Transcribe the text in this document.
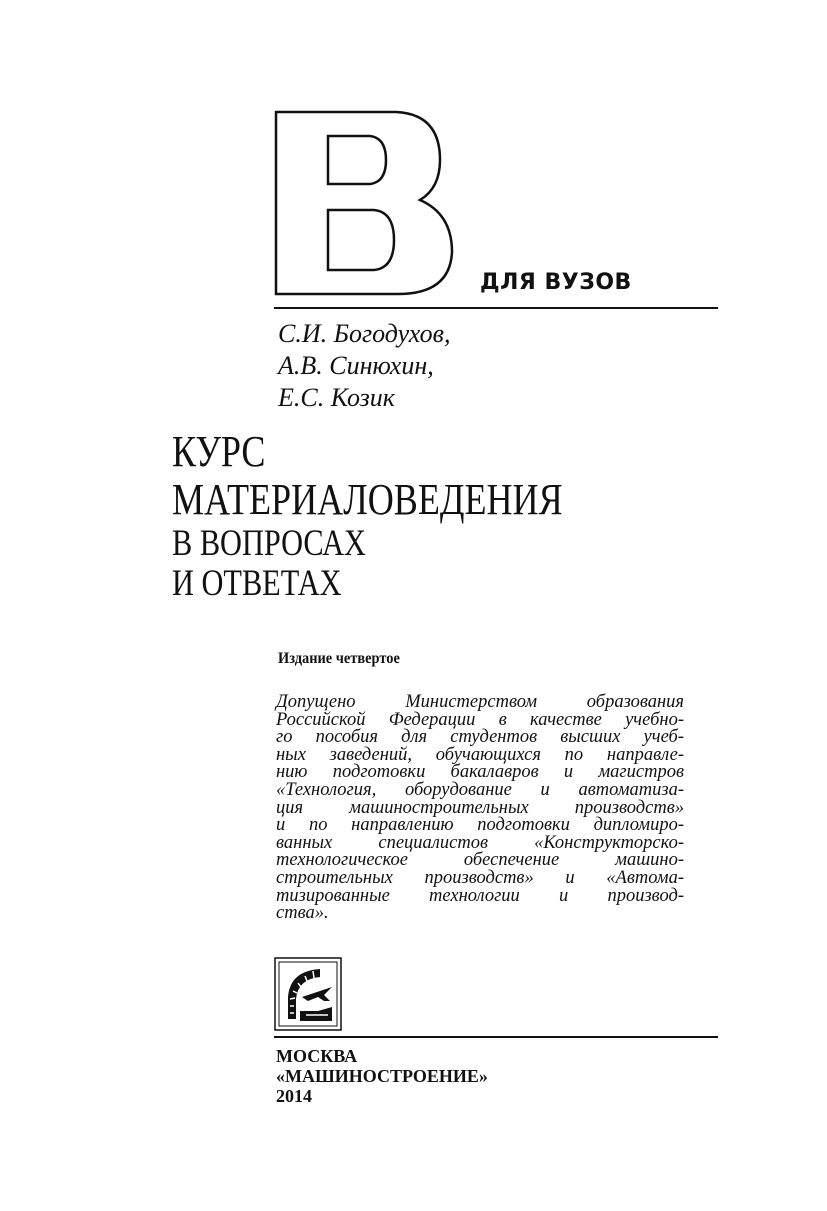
ДЛЯ ВУЗОВ
С.И. Богодухов,
А.В. Синюхин,
Е.С. Козик
КУРС
МАТЕРИАЛОВЕДЕНИЯ
В ВОПРОСАХ
И ОТВЕТАХ
Издание четвертое
Допущено Министерством образования
Российской Федерации в качестве учебно-
го пособия для студентов высших учеб-
ных заведений, обучающихся по направле-
нию подготовки бакалавров и магистров
«Технология, оборудование и автоматиза-
ция машиностроительных производств»
и по направлению подготовки дипломиро-
ванных специалистов «Конструкторско-
технологическое обеспечение машино-
строительных производств» и «Автома-
тизированные технологии и производ-
ства».
МОСКВА
«МАШИНОСТРОЕНИЕ»
2014
